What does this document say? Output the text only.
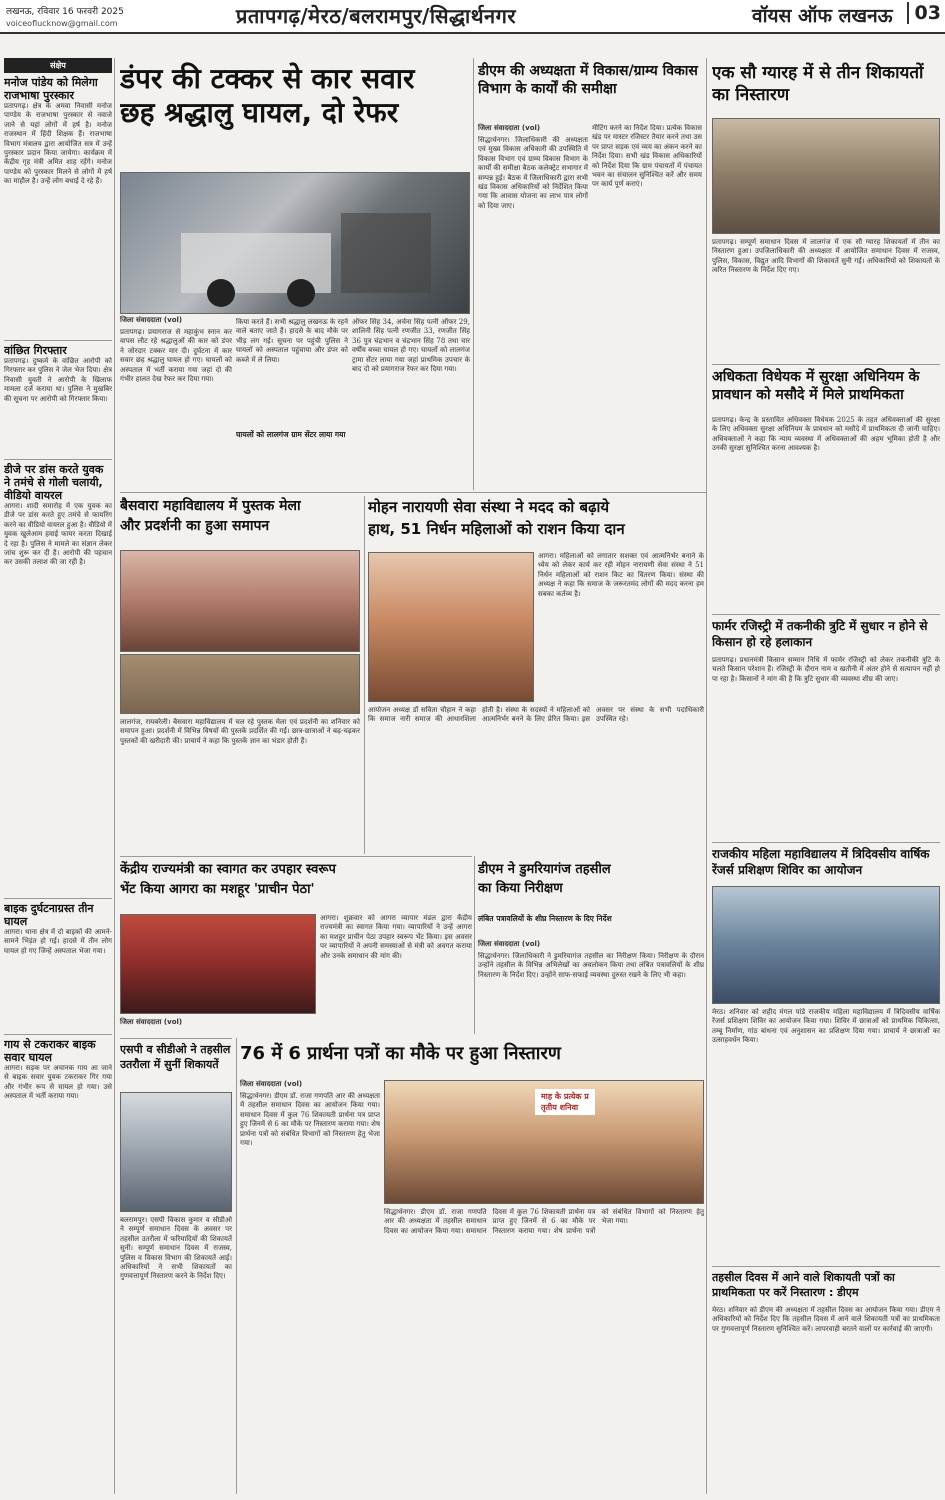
लखनऊ, रविवार 16 फरवरी 2025
voiceoflucknow@gmail.com	प्रतापगढ़/मेरठ/बलरामपुर/सिद्धार्थनगर	वॉयस ऑफ लखनऊ	03
संक्षेप
मनोज पांडेय को मिलेगा राजभाषा पुरस्कार
प्रतापगढ़। क्षेत्र के अमवा निवासी मनोज पाण्डेय के राजभाषा पुरस्कार से नवाजे जाने से यहां लोगों में हर्ष है। मनोज राजस्थान में हिंदी शिक्षक हैं। राजभाषा विभाग मंत्रालय द्वारा आयोजित सत्र में उन्हें पुरस्कार प्रदान किया जायेगा। कार्यक्रम में केंद्रीय गृह मंत्री अमित शाह रहेंगे। मनोज पाण्डेय को पुरस्कार मिलने से लोगों में हर्ष का माहौल है। उन्हें लोग बधाई दे रहे हैं।
वांछित गिरफ्तार
प्रतापगढ़। दुष्कर्म के वांछित आरोपी को गिरफ्तार कर पुलिस ने जेल भेज दिया। क्षेत्र निवासी युवती ने आरोपी के खिलाफ मामला दर्ज कराया था। पुलिस ने मुखबिर की सूचना पर आरोपी को गिरफ्तार किया।
डीजे पर डांस करते युवक ने तमंचे से गोली चलायी, वीडियो वायरल
आगरा। शादी समारोह में एक युवक का डीजे पर डांस करते हुए तमंचे से फायरिंग करने का वीडियो वायरल हुआ है। वीडियो में युवक खुलेआम हवाई फायर करता दिखाई दे रहा है। पुलिस ने मामले का संज्ञान लेकर जांच शुरू कर दी है। आरोपी की पहचान कर उसकी तलाश की जा रही है।
बाइक दुर्घटनाग्रस्त तीन घायल
आगरा। थाना क्षेत्र में दो बाइकों की आमने-सामने भिड़ंत हो गई। हादसे में तीन लोग घायल हो गए जिन्हें अस्पताल भेजा गया।
गाय से टकराकर बाइक सवार घायल
आगरा। सड़क पर अचानक गाय आ जाने से बाइक सवार युवक टकराकर गिर गया और गंभीर रूप से घायल हो गया। उसे अस्पताल में भर्ती कराया गया।
डंपर की टक्कर से कार सवार
छह श्रद्धालु घायल, दो रेफर
जिला संवाददाता (vol)
प्रतापगढ़। प्रयागराज से महाकुंभ स्नान कर वापस लौट रहे श्रद्धालुओं की कार को डंपर ने जोरदार टक्कर मार दी। दुर्घटना में कार सवार छह श्रद्धालु घायल हो गए। घायलों को अस्पताल में भर्ती कराया गया जहां दो की गंभीर हालत देख रेफर कर दिया गया।
किया करते हैं। सभी श्रद्धालु लखनऊ के रहने वाले बताए जाते हैं। हादसे के बाद मौके पर भीड़ लग गई। सूचना पर पहुंची पुलिस ने घायलों को अस्पताल पहुंचाया और डंपर को कब्जे में ले लिया।
घायलों को लालगंज ग्राम सेंटर लाया गया
ऑफर सिंह 34, अर्चना सिंह पत्नी ऑफर 29, शालिनी सिंह पत्नी रणजीत 33, रणजीत सिंह 36 पुत्र चंद्रभान व चंद्रभान सिंह 78 तथा चार वर्षीय बच्चा घायल हो गए। घायलों को लालगंज ट्रामा सेंटर लाया गया जहां प्राथमिक उपचार के बाद दो को प्रयागराज रेफर कर दिया गया।
डीएम की अध्यक्षता में विकास/ग्राम्य विकास विभाग के कार्यों की समीक्षा
जिला संवाददाता (vol)
सिद्धार्थनगर। जिलाधिकारी की अध्यक्षता एवं मुख्य विकास अधिकारी की उपस्थिति में विकास विभाग एवं ग्राम्य विकास विभाग के कार्यों की समीक्षा बैठक कलेक्ट्रेट सभागार में सम्पन्न हुई। बैठक में जिलाधिकारी द्वारा सभी खंड विकास अधिकारियों को निर्देशित किया गया कि आवास योजना का लाभ पात्र लोगों को दिया जाए।
मीटिंग करने का निर्देश दिया। प्रत्येक विकास खंड पर मास्टर रजिस्टर तैयार करने तथा उस पर प्राप्त सड़क एवं व्यय का अंकन करने का निर्देश दिया। सभी खंड विकास अधिकारियों को निर्देश दिया कि ग्राम पंचायतों में पंचायत भवन का संचालन सुनिश्चित करें और समय पर कार्य पूर्ण कराएं।
एक सौ ग्यारह में से तीन शिकायतों का निस्तारण
प्रतापगढ़। सम्पूर्ण समाधान दिवस में लालगंज में एक सौ ग्यारह शिकायतों में तीन का निस्तारण हुआ। उपजिलाधिकारी की अध्यक्षता में आयोजित समाधान दिवस में राजस्व, पुलिस, विकास, विद्युत आदि विभागों की शिकायतें सुनी गईं। अधिकारियों को शिकायतों के त्वरित निस्तारण के निर्देश दिए गए।
अधिकता विधेयक में सुरक्षा अधिनियम के प्रावधान को मसौदे में मिले प्राथमिकता
प्रतापगढ़। केन्द्र के प्रस्तावित अधिवक्ता विधेयक 2025 के तहत अधिवक्ताओं की सुरक्षा के लिए अधिवक्ता सुरक्षा अधिनियम के प्रावधान को मसौदे में प्राथमिकता दी जानी चाहिए। अधिवक्ताओं ने कहा कि न्याय व्यवस्था में अधिवक्ताओं की अहम भूमिका होती है और उनकी सुरक्षा सुनिश्चित करना आवश्यक है।
फार्मर रजिस्ट्री में तकनीकी त्रुटि में सुधार न होने से किसान हो रहे हलाकान
प्रतापगढ़। प्रधानमंत्री किसान सम्मान निधि में फार्मर रजिस्ट्री को लेकर तकनीकी त्रुटि के चलते किसान परेशान हैं। रजिस्ट्री के दौरान नाम व खतौनी में अंतर होने से सत्यापन नहीं हो पा रहा है। किसानों ने मांग की है कि त्रुटि सुधार की व्यवस्था शीघ्र की जाए।
राजकीय महिला महाविद्यालय में त्रिदिवसीय वार्षिक रेंजर्स प्रशिक्षण शिविर का आयोजन
मेरठ। शनिवार को शहीद मंगल पांडे राजकीय महिला महाविद्यालय में त्रिदिवसीय वार्षिक रेंजर्स प्रशिक्षण शिविर का आयोजन किया गया। शिविर में छात्राओं को प्राथमिक चिकित्सा, तम्बू निर्माण, गांठ बांधना एवं अनुशासन का प्रशिक्षण दिया गया। प्राचार्य ने छात्राओं का उत्साहवर्धन किया।
तहसील दिवस में आने वाले शिकायती पत्रों का प्राथमिकता पर करें निस्तारण : डीएम
मेरठ। शनिवार को डीएम की अध्यक्षता में तहसील दिवस का आयोजन किया गया। डीएम ने अधिकारियों को निर्देश दिए कि तहसील दिवस में आने वाले शिकायती पत्रों का प्राथमिकता पर गुणवत्तापूर्ण निस्तारण सुनिश्चित करें। लापरवाही बरतने वालों पर कार्रवाई की जाएगी।
बैसवारा महाविद्यालय में पुस्तक मेला
और प्रदर्शनी का हुआ समापन
लालगंज, रायबरेली। बैसवारा महाविद्यालय में चल रहे पुस्तक मेला एवं प्रदर्शनी का शनिवार को समापन हुआ। प्रदर्शनी में विभिन्न विषयों की पुस्तकें प्रदर्शित की गईं। छात्र-छात्राओं ने बढ़-चढ़कर पुस्तकों की खरीदारी की। प्राचार्य ने कहा कि पुस्तकें ज्ञान का भंडार होती हैं।
मोहन नारायणी सेवा संस्था ने मदद को बढ़ाये
हाथ, 51 निर्धन महिलाओं को राशन किया दान
आगरा। महिलाओं को लगातार सशक्त एवं आत्मनिर्भर बनाने के ध्येय को लेकर कार्य कर रही मोहन नारायणी सेवा संस्था ने 51 निर्धन महिलाओं को राशन किट का वितरण किया। संस्था की अध्यक्ष ने कहा कि समाज के जरूरतमंद लोगों की मदद करना हम सबका कर्तव्य है।
आयोजन अध्यक्ष डॉ सविता चौहान ने कहा कि समाज नारी समाज की आधारशिला होती है। संस्था के सदस्यों ने महिलाओं को आत्मनिर्भर बनने के लिए प्रेरित किया। इस अवसर पर संस्था के सभी पदाधिकारी उपस्थित रहे।
केंद्रीय राज्यमंत्री का स्वागत कर उपहार स्वरूप
भेंट किया आगरा का मशहूर 'प्राचीन पेठा'
आगरा। शुक्रवार को आगरा व्यापार मंडल द्वारा केंद्रीय राज्यमंत्री का स्वागत किया गया। व्यापारियों ने उन्हें आगरा का मशहूर प्राचीन पेठा उपहार स्वरूप भेंट किया। इस अवसर पर व्यापारियों ने अपनी समस्याओं से मंत्री को अवगत कराया और उनके समाधान की मांग की।
जिला संवाददाता (vol)
डीएम ने डुमरियागंज तहसील
का किया निरीक्षण
लंबित पत्रावलियों के शीघ्र निस्तारण के दिए निर्देश
जिला संवाददाता (vol)
सिद्धार्थनगर। जिलाधिकारी ने डुमरियागंज तहसील का निरीक्षण किया। निरीक्षण के दौरान उन्होंने तहसील के विभिन्न अभिलेखों का अवलोकन किया तथा लंबित पत्रावलियों के शीघ्र निस्तारण के निर्देश दिए। उन्होंने साफ-सफाई व्यवस्था दुरुस्त रखने के लिए भी कहा।
एसपी व सीडीओ ने तहसील
उतरौला में सुनीं शिकायतें
बलरामपुर। एसपी विकास कुमार व सीडीओ ने सम्पूर्ण समाधान दिवस के अवसर पर तहसील उतरौला में फरियादियों की शिकायतें सुनीं। सम्पूर्ण समाधान दिवस में राजस्व, पुलिस व विकास विभाग की शिकायतें आईं। अधिकारियों ने सभी शिकायतों का गुणवत्तापूर्ण निस्तारण करने के निर्देश दिए।
76 में 6 प्रार्थना पत्रों का मौके पर हुआ निस्तारण
जिला संवाददाता (vol)
सिद्धार्थनगर। डीएम डॉ. राजा गणपति आर की अध्यक्षता में तहसील समाधान दिवस का आयोजन किया गया। समाधान दिवस में कुल 76 शिकायती प्रार्थना पत्र प्राप्त हुए जिनमें से 6 का मौके पर निस्तारण कराया गया। शेष प्रार्थना पत्रों को संबंधित विभागों को निस्तारण हेतु भेजा गया।
माह के प्रत्येक प्र
तृतीय शनिवा
सिद्धार्थनगर। डीएम डॉ. राजा गणपति आर की अध्यक्षता में तहसील समाधान दिवस का आयोजन किया गया। समाधान दिवस में कुल 76 शिकायती प्रार्थना पत्र प्राप्त हुए जिनमें से 6 का मौके पर निस्तारण कराया गया। शेष प्रार्थना पत्रों को संबंधित विभागों को निस्तारण हेतु भेजा गया।
